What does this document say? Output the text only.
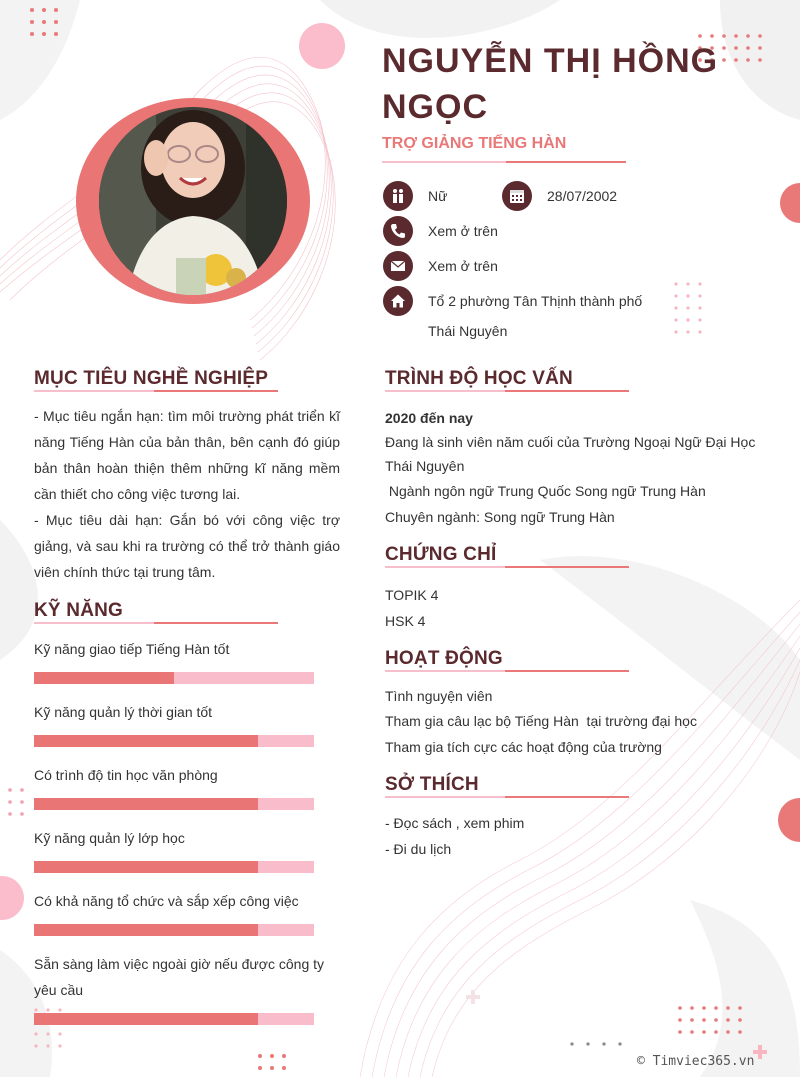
NGUYỄN THỊ HỒNG NGỌC
TRỢ GIẢNG TIẾNG HÀN
Nữ	28/07/2002
Xem ở trên
Xem ở trên
Tổ 2 phường Tân Thịnh thành phố
Thái Nguyên
MỤC TIÊU NGHỀ NGHIỆP
- Mục tiêu ngắn hạn: tìm môi trường phát triển kĩ
năng Tiếng Hàn của bản thân, bên cạnh đó giúp
bản thân hoàn thiện thêm những kĩ năng mềm
cần thiết cho công việc tương lai.
- Mục tiêu dài hạn: Gắn bó với công việc trợ
giảng, và sau khi ra trường có thể trở thành giáo
viên chính thức tại trung tâm.
KỸ NĂNG
Kỹ năng giao tiếp Tiếng Hàn tốt
Kỹ năng quản lý thời gian tốt
Có trình độ tin học văn phòng
Kỹ năng quản lý lớp học
Có khả năng tổ chức và sắp xếp công việc
Sẵn sàng làm việc ngoài giờ nếu được công ty yêu cầu
TRÌNH ĐỘ HỌC VẤN
2020 đến nay
Đang là sinh viên năm cuối của Trường Ngoại Ngữ Đại Học
Thái Nguyên
Ngành ngôn ngữ Trung Quốc Song ngữ Trung Hàn
Chuyên ngành: Song ngữ Trung Hàn
CHỨNG CHỈ
TOPIK 4
HSK 4
HOẠT ĐỘNG
Tình nguyện viên
Tham gia câu lạc bộ Tiếng Hàn  tại trường đại học
Tham gia tích cực các hoạt động của trường
SỞ THÍCH
- Đọc sách , xem phim
- Đi du lịch
© Timviec365.vn
